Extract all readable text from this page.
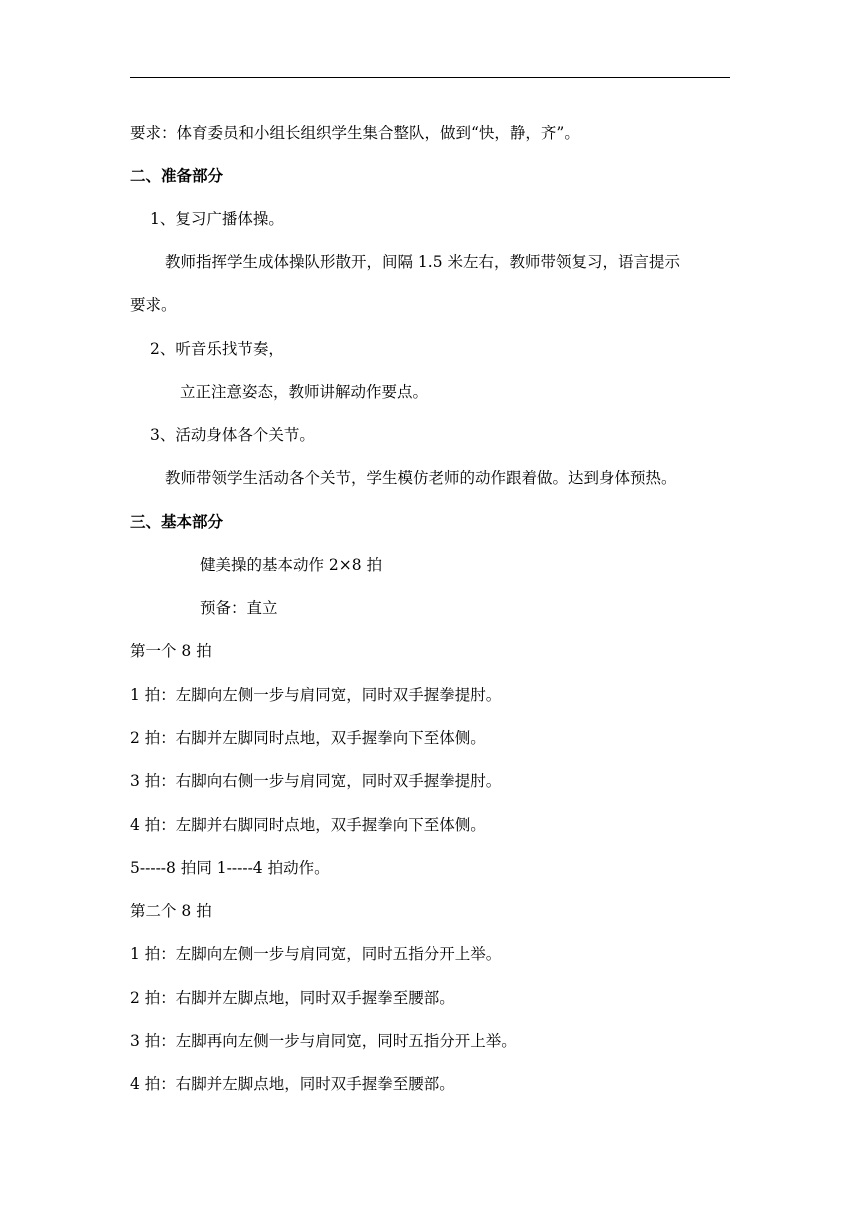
要求：体育委员和小组长组织学生集合整队，做到“快，静，齐”。
二、准备部分
1、复习广播体操。
教师指挥学生成体操队形散开，间隔 1.5 米左右，教师带领复习，语言提示
要求。
2、听音乐找节奏，
立正注意姿态，教师讲解动作要点。
3、活动身体各个关节。
教师带领学生活动各个关节，学生模仿老师的动作跟着做。达到身体预热。
三、基本部分
健美操的基本动作 2×8 拍
预备：直立
第一个 8 拍
1 拍：左脚向左侧一步与肩同宽，同时双手握拳提肘。
2 拍：右脚并左脚同时点地，双手握拳向下至体侧。
3 拍：右脚向右侧一步与肩同宽，同时双手握拳提肘。
4 拍：左脚并右脚同时点地，双手握拳向下至体侧。
5-----8 拍同 1-----4 拍动作。
第二个 8 拍
1 拍：左脚向左侧一步与肩同宽，同时五指分开上举。
2 拍：右脚并左脚点地，同时双手握拳至腰部。
3 拍：左脚再向左侧一步与肩同宽，同时五指分开上举。
4 拍：右脚并左脚点地，同时双手握拳至腰部。
